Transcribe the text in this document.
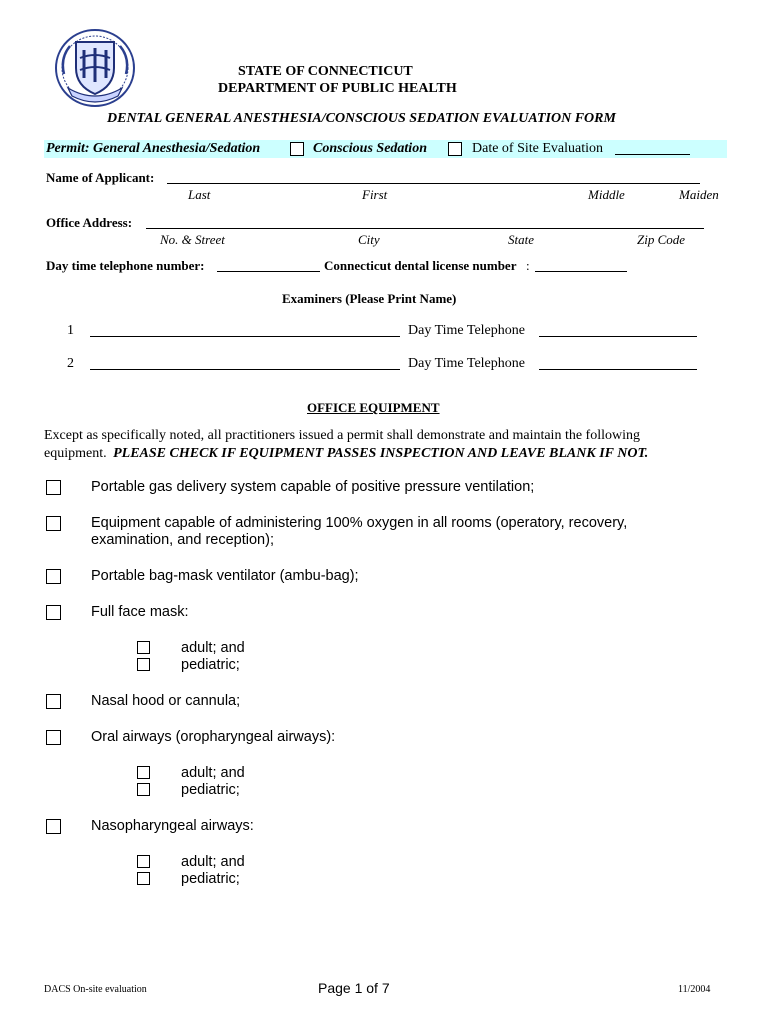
STATE OF CONNECTICUT
DEPARTMENT OF PUBLIC HEALTH
DENTAL GENERAL ANESTHESIA/CONSCIOUS SEDATION EVALUATION FORM
Permit: General Anesthesia/Sedation	Conscious Sedation	Date of Site Evaluation
Name of Applicant:
Last	First	Middle	Maiden
Office Address:
No. & Street	City	State	Zip Code
Day time telephone number:	Connecticut dental license number :
Examiners (Please Print Name)
1	Day Time Telephone
2	Day Time Telephone
OFFICE EQUIPMENT
Except as specifically noted, all practitioners issued a permit shall demonstrate and maintain the following
equipment. PLEASE CHECK IF EQUIPMENT PASSES INSPECTION AND LEAVE BLANK IF NOT.
Portable gas delivery system capable of positive pressure ventilation;
Equipment capable of administering 100% oxygen in all rooms (operatory, recovery,
examination, and reception);
Portable bag-mask ventilator (ambu-bag);
Full face mask:
adult; and
pediatric;
Nasal hood or cannula;
Oral airways (oropharyngeal airways):
adult; and
pediatric;
Nasopharyngeal airways:
adult; and
pediatric;
DACS On-site evaluation	Page 1 of 7	11/2004
